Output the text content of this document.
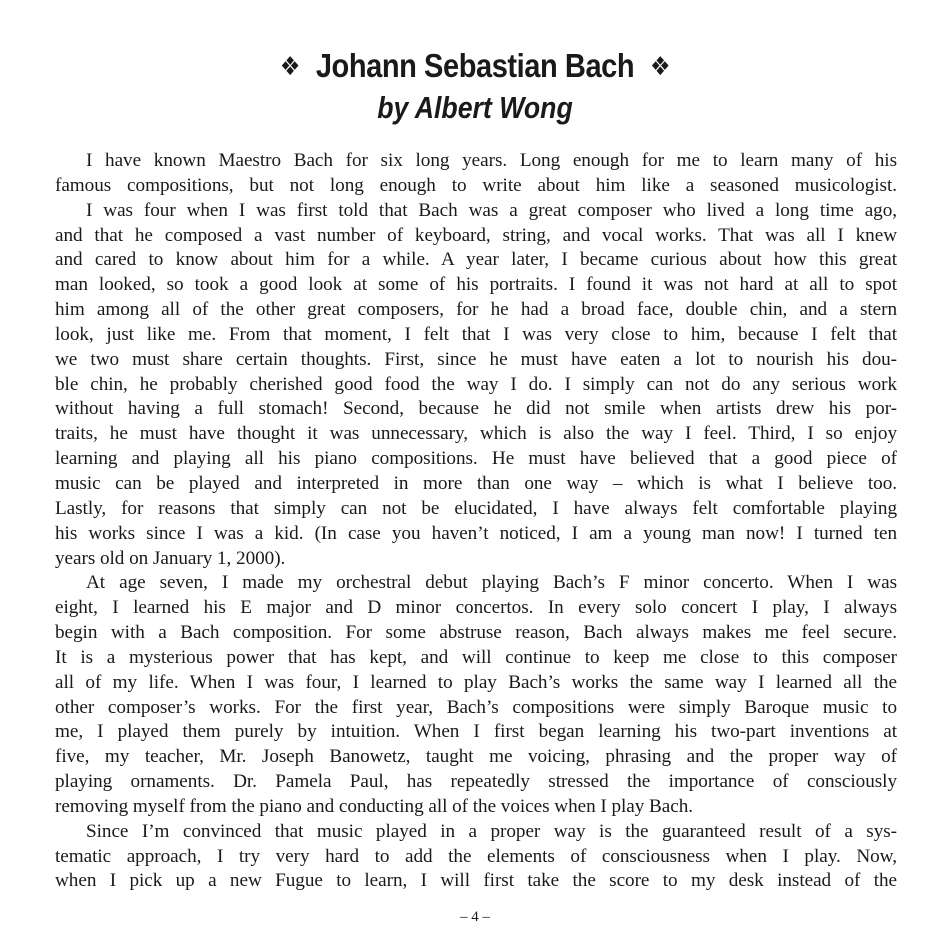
❖ Johann Sebastian Bach ❖
by Albert Wong
I have known Maestro Bach for six long years. Long enough for me to learn many of his
famous compositions, but not long enough to write about him like a seasoned musicologist.
I was four when I was first told that Bach was a great composer who lived a long time ago,
and that he composed a vast number of keyboard, string, and vocal works. That was all I knew
and cared to know about him for a while. A year later, I became curious about how this great
man looked, so took a good look at some of his portraits. I found it was not hard at all to spot
him among all of the other great composers, for he had a broad face, double chin, and a stern
look, just like me. From that moment, I felt that I was very close to him, because I felt that
we two must share certain thoughts. First, since he must have eaten a lot to nourish his dou-
ble chin, he probably cherished good food the way I do. I simply can not do any serious work
without having a full stomach! Second, because he did not smile when artists drew his por-
traits, he must have thought it was unnecessary, which is also the way I feel. Third, I so enjoy
learning and playing all his piano compositions. He must have believed that a good piece of
music can be played and interpreted in more than one way – which is what I believe too.
Lastly, for reasons that simply can not be elucidated, I have always felt comfortable playing
his works since I was a kid. (In case you haven’t noticed, I am a young man now! I turned ten
years old on January 1, 2000).
At age seven, I made my orchestral debut playing Bach’s F minor concerto. When I was
eight, I learned his E major and D minor concertos. In every solo concert I play, I always
begin with a Bach composition. For some abstruse reason, Bach always makes me feel secure.
It is a mysterious power that has kept, and will continue to keep me close to this composer
all of my life. When I was four, I learned to play Bach’s works the same way I learned all the
other composer’s works. For the first year, Bach’s compositions were simply Baroque music to
me, I played them purely by intuition. When I first began learning his two-part inventions at
five, my teacher, Mr. Joseph Banowetz, taught me voicing, phrasing and the proper way of
playing ornaments. Dr. Pamela Paul, has repeatedly stressed the importance of consciously
removing myself from the piano and conducting all of the voices when I play Bach.
Since I’m convinced that music played in a proper way is the guaranteed result of a sys-
tematic approach, I try very hard to add the elements of consciousness when I play. Now,
when I pick up a new Fugue to learn, I will first take the score to my desk instead of the
– 4 –
